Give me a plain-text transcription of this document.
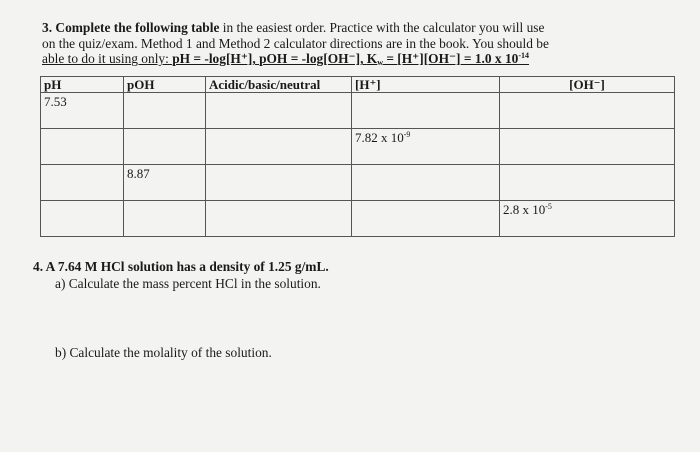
3. Complete the following table in the easiest order. Practice with the calculator you will use
on the quiz/exam. Method 1 and Method 2 calculator directions are in the book. You should be
able to do it using only: pH = -log[H⁺], pOH = -log[OH⁻], $K_w = [H^+][OH^-] = 1.0$ x $10^{-14}$
pH	pOH	Acidic/basic/neutral	[H⁺]	[OH⁻]
7.53				
			7.82 x $10^{-9}$	
	8.87			
				2.8 x $10^{-5}$
4. A 7.64 M HCl solution has a density of 1.25 g/mL.
a) Calculate the mass percent HCl in the solution.
b) Calculate the molality of the solution.
